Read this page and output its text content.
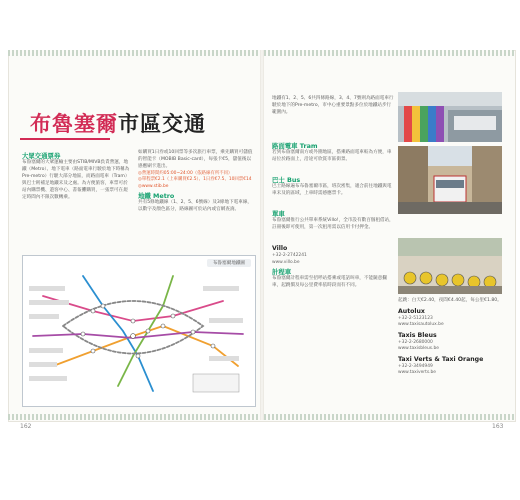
布魯塞爾市區交通
大眾交通票券
布魯塞爾的大眾運輸主要由STIB/MIVB負責營運，地鐵（Metro）、地下電車（路面電車行駛於地下時稱為Pre-metro）行駛大部分地區，而路面電車（Tram）與巴士則補足地鐵未及之處。為方便旅客，車票可於站內購票機、遊客中心、書報攤購買，一張票可在規定時間內不限次數轉乘。
如購買1日券或10回票等多次旅行車票，乘先購買可儲值的智能卡（MOBIB Basic-card），每張卡€5，儲值後以感應刷卡進出。
◎營運時間約05:00~24:00（依路線有所不同）
◎單程票€2.1（上車購買€2.5）、1日券€7.5、10回票€14
◎www.stib.be
地鐵 Metro
共有5條地鐵線（1、2、5、6號線）及3條地下電車線，以數字及顏色區分，路線圖可於站內或官網查詢。
布魯塞爾地鐵圖
162
地鐵有1、2、5、6共四條路線，3、4、7號則為路面電車行駛於地下的Pre-metro，市中心重要景點多位於地鐵站步行範圍內。
路面電車 Tram
若到布魯塞爾南方或外圍地區，搭乘路面電車較為方便，車站位於路面上，沿途可欣賞市區街景。
巴士 Bus
巴士路線遍布布魯塞爾市區，班次密集，適合前往地鐵與電車未及的區域，上車時需感應票卡。
單車
布魯塞爾推行公共單車系統Villo!，全市設有數百個租借站，註冊後即可使用，第一次租用需以信用卡付押金。
Villo
+32-2-2742241
www.villo.be
計程車
布魯塞爾計程車需至招呼站搭乘或電話叫車，不能隨意攔車，起跳價及每公里費率依時段而有不同。
起跳：白天€2.40，夜間€4.40起，每公里€1.80。
Autolux
+32-2-5123123
www.taxisautolux.be
Taxis Bleus
+32-2-2680000
www.taxisbleus.be
Taxi Verts & Taxi Orange
+32-2-3494949
www.taxiverts.be
163
